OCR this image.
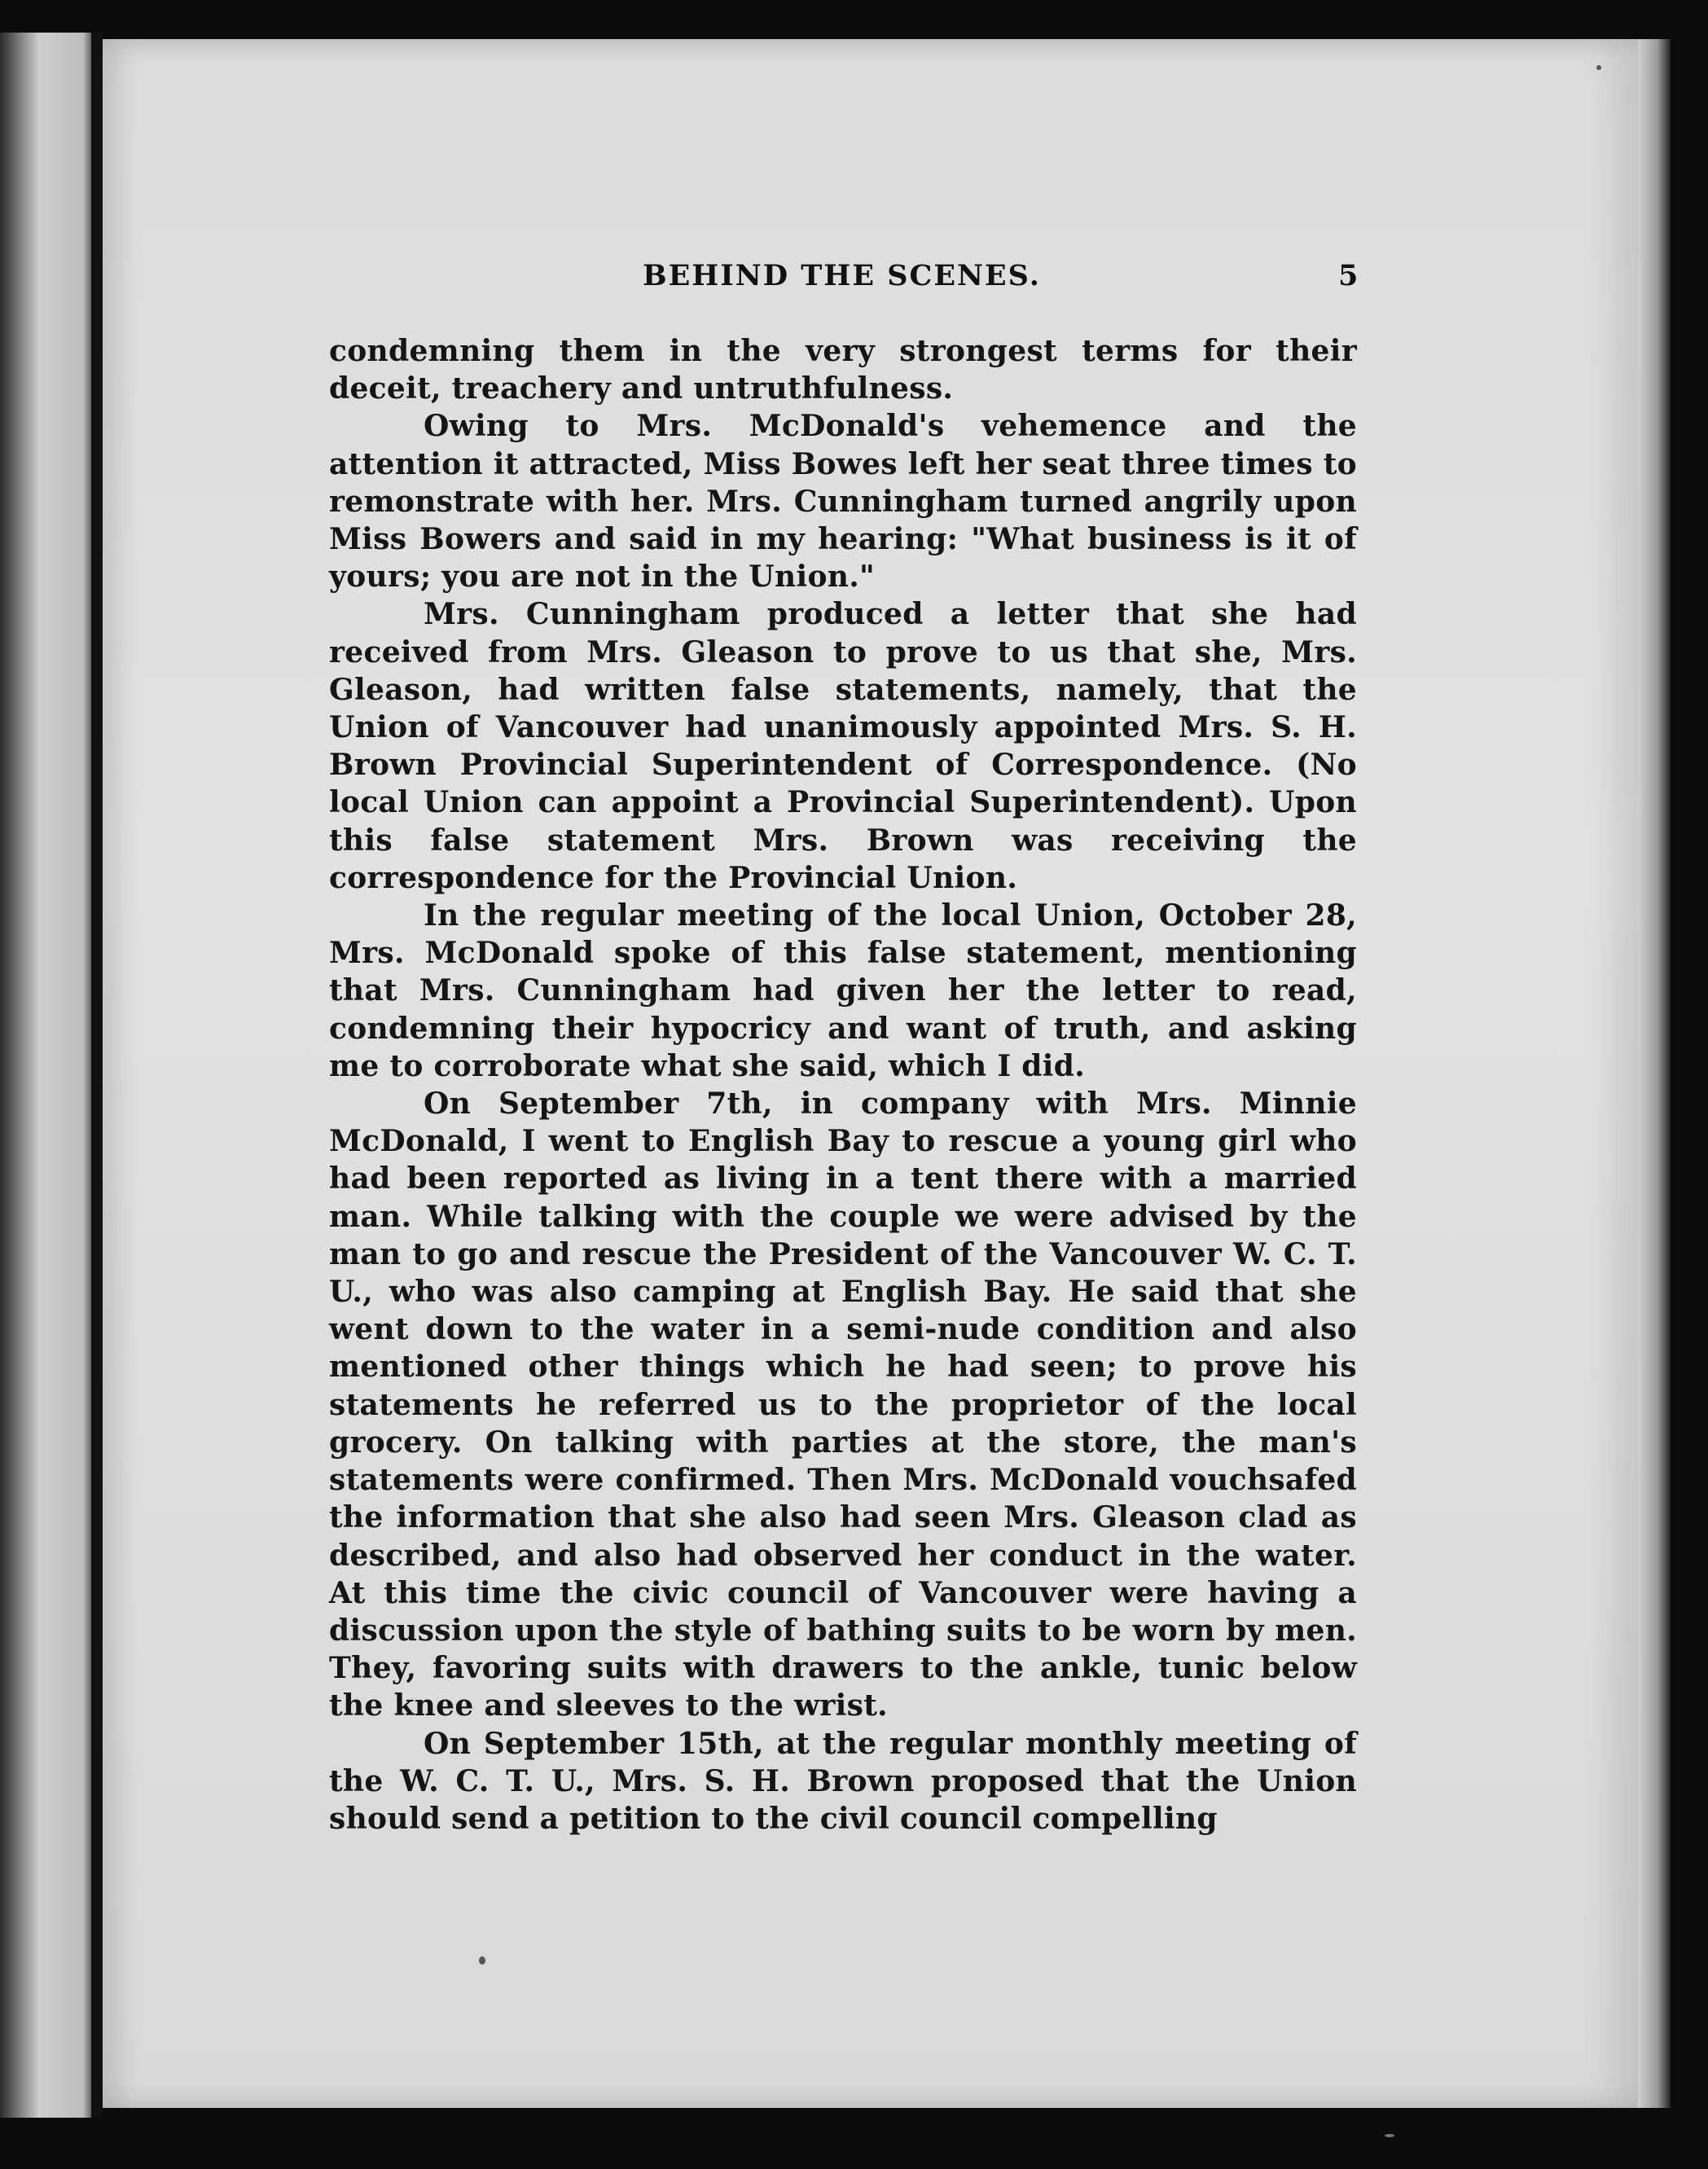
BEHIND THE SCENES.	5

condemning them in the very strongest terms for their deceit, treachery and untruthfulness.

Owing to Mrs. McDonald's vehemence and the attention it attracted, Miss Bowes left her seat three times to remonstrate with her. Mrs. Cunningham turned angrily upon Miss Bowers and said in my hearing: "What business is it of yours; you are not in the Union."

Mrs. Cunningham produced a letter that she had received from Mrs. Gleason to prove to us that she, Mrs. Gleason, had written false statements, namely, that the Union of Vancouver had unanimously appointed Mrs. S. H. Brown Provincial Superintendent of Correspondence. (No local Union can appoint a Provincial Superintendent). Upon this false statement Mrs. Brown was receiving the correspondence for the Provincial Union.

In the regular meeting of the local Union, October 28, Mrs. McDonald spoke of this false statement, mentioning that Mrs. Cunningham had given her the letter to read, condemning their hypocricy and want of truth, and asking me to corroborate what she said, which I did.

On September 7th, in company with Mrs. Minnie McDonald, I went to English Bay to rescue a young girl who had been reported as living in a tent there with a married man. While talking with the couple we were advised by the man to go and rescue the President of the Vancouver W. C. T. U., who was also camping at English Bay. He said that she went down to the water in a semi-nude condition and also mentioned other things which he had seen; to prove his statements he referred us to the proprietor of the local grocery. On talking with parties at the store, the man's statements were confirmed. Then Mrs. McDonald vouchsafed the information that she also had seen Mrs. Gleason clad as described, and also had observed her conduct in the water. At this time the civic council of Vancouver were having a discussion upon the style of bathing suits to be worn by men. They, favoring suits with drawers to the ankle, tunic below the knee and sleeves to the wrist.

On September 15th, at the regular monthly meeting of the W. C. T. U., Mrs. S. H. Brown proposed that the Union should send a petition to the civil council compelling
